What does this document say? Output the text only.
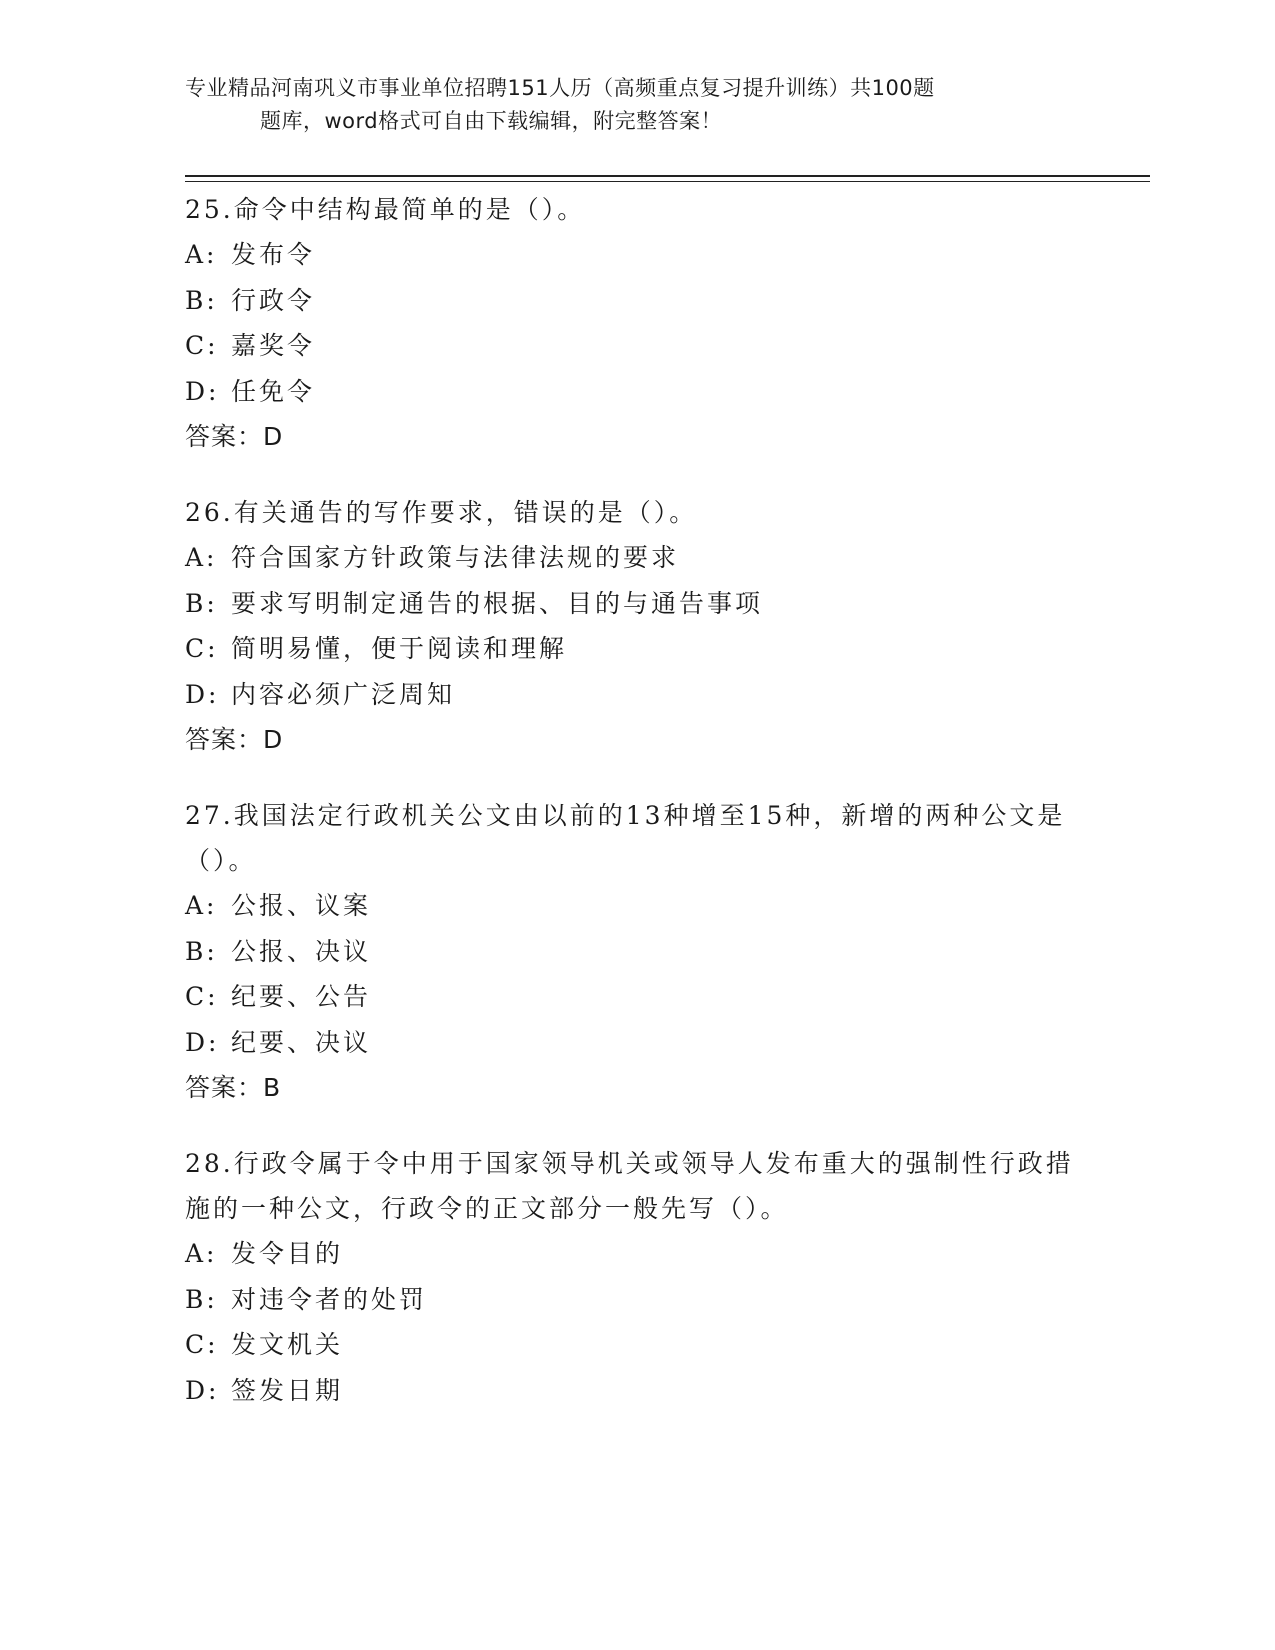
专业精品河南巩义市事业单位招聘151人历（高频重点复习提升训练）共100题
题库，word格式可自由下载编辑，附完整答案！

25.命令中结构最简单的是（）。

A: 发布令

B: 行政令

C: 嘉奖令

D: 任免令

答案：D

26.有关通告的写作要求，错误的是（）。

A: 符合国家方针政策与法律法规的要求

B: 要求写明制定通告的根据、目的与通告事项

C: 简明易懂，便于阅读和理解

D: 内容必须广泛周知

答案：D

27.我国法定行政机关公文由以前的13种增至15种，新增的两种公文是（）。

A: 公报、议案

B: 公报、决议

C: 纪要、公告

D: 纪要、决议

答案：B

28.行政令属于令中用于国家领导机关或领导人发布重大的强制性行政措施的一种公文，行政令的正文部分一般先写（）。

A: 发令目的

B: 对违令者的处罚

C: 发文机关

D: 签发日期
